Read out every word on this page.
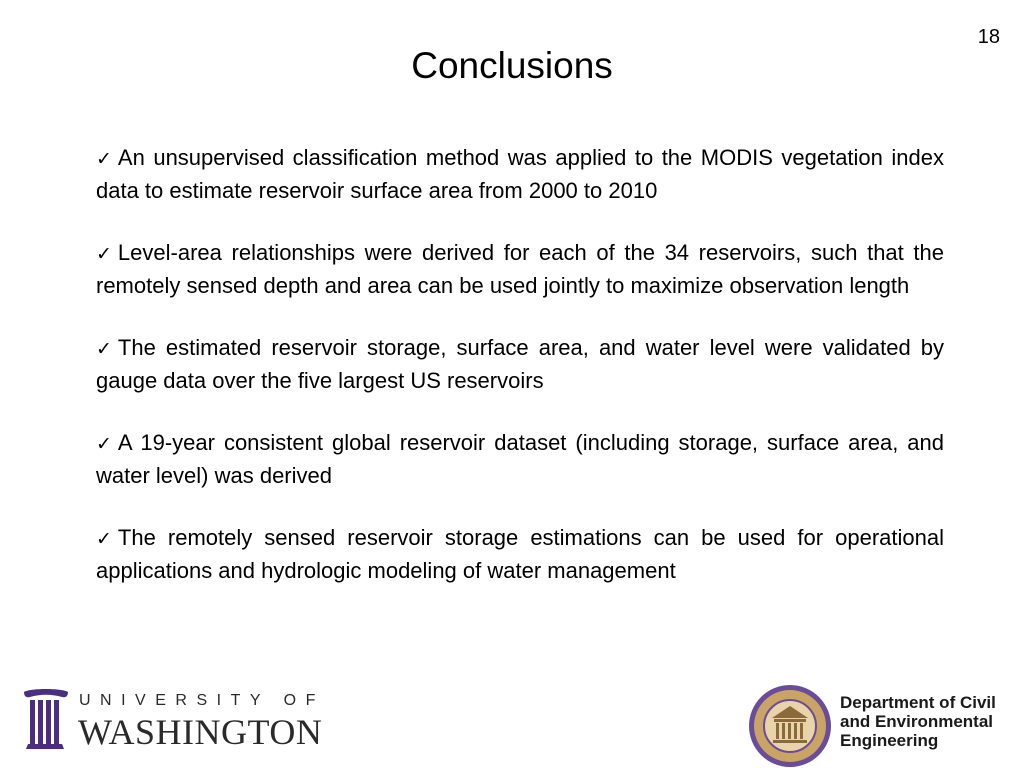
18
Conclusions
✓ An unsupervised classification method was applied to the MODIS vegetation index data to estimate reservoir surface area from 2000 to 2010
✓ Level-area relationships were derived for each of the 34 reservoirs, such that the remotely sensed depth and area can be used jointly to maximize observation length
✓ The estimated reservoir storage, surface area, and water level were validated by gauge data over the five largest US reservoirs
✓ A 19-year consistent global reservoir dataset (including storage, surface area, and water level) was derived
✓ The remotely sensed reservoir storage estimations can be used for operational applications and hydrologic modeling of water management
UNIVERSITY OF
WASHINGTON
Department of Civil
and Environmental
Engineering
